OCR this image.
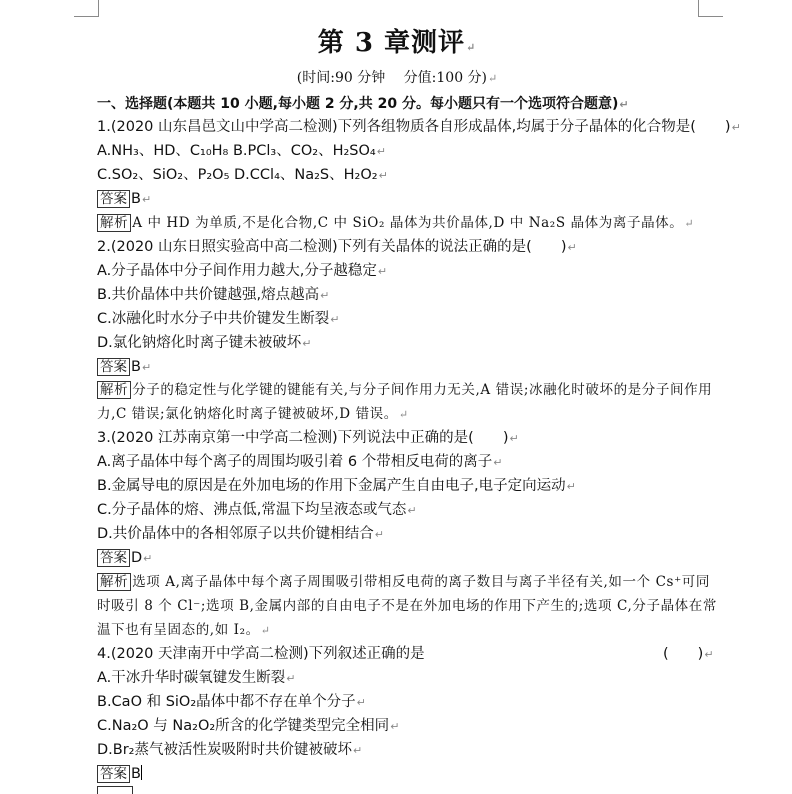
第 3 章测评↵
(时间:90 分钟　 分值:100 分)↵
一、选择题(本题共 10 小题,每小题 2 分,共 20 分。每小题只有一个选项符合题意)↵
1.(2020 山东昌邑文山中学高二检测)下列各组物质各自形成晶体,均属于分子晶体的化合物是(　　)↵
A.NH₃、HD、C₁₀H₈ B.PCl₃、CO₂、H₂SO₄↵
C.SO₂、SiO₂、P₂O₅ D.CCl₄、Na₂S、H₂O₂↵
答案 B↵
解析 A 中 HD 为单质,不是化合物,C 中 SiO₂ 晶体为共价晶体,D 中 Na₂S 晶体为离子晶体。↵
2.(2020 山东日照实验高中高二检测)下列有关晶体的说法正确的是(　　)↵
A.分子晶体中分子间作用力越大,分子越稳定↵
B.共价晶体中共价键越强,熔点越高↵
C.冰融化时水分子中共价键发生断裂↵
D.氯化钠熔化时离子键未被破坏↵
答案 B↵
解析 分子的稳定性与化学键的键能有关,与分子间作用力无关,A 错误;冰融化时破坏的是分子间作用
力,C 错误;氯化钠熔化时离子键被破坏,D 错误。↵
3.(2020 江苏南京第一中学高二检测)下列说法中正确的是(　　)↵
A.离子晶体中每个离子的周围均吸引着 6 个带相反电荷的离子↵
B.金属导电的原因是在外加电场的作用下金属产生自由电子,电子定向运动↵
C.分子晶体的熔、沸点低,常温下均呈液态或气态↵
D.共价晶体中的各相邻原子以共价键相结合↵
答案 D↵
解析 选项 A,离子晶体中每个离子周围吸引带相反电荷的离子数目与离子半径有关,如一个 Cs⁺可同
时吸引 8 个 Cl⁻;选项 B,金属内部的自由电子不是在外加电场的作用下产生的;选项 C,分子晶体在常
温下也有呈固态的,如 I₂。↵
4.(2020 天津南开中学高二检测)下列叙述正确的是	(　　)↵
A.干冰升华时碳氧键发生断裂↵
B.CaO 和 SiO₂晶体中都不存在单个分子↵
C.Na₂O 与 Na₂O₂所含的化学键类型完全相同↵
D.Br₂蒸气被活性炭吸附时共价键被破坏↵
答案 B
